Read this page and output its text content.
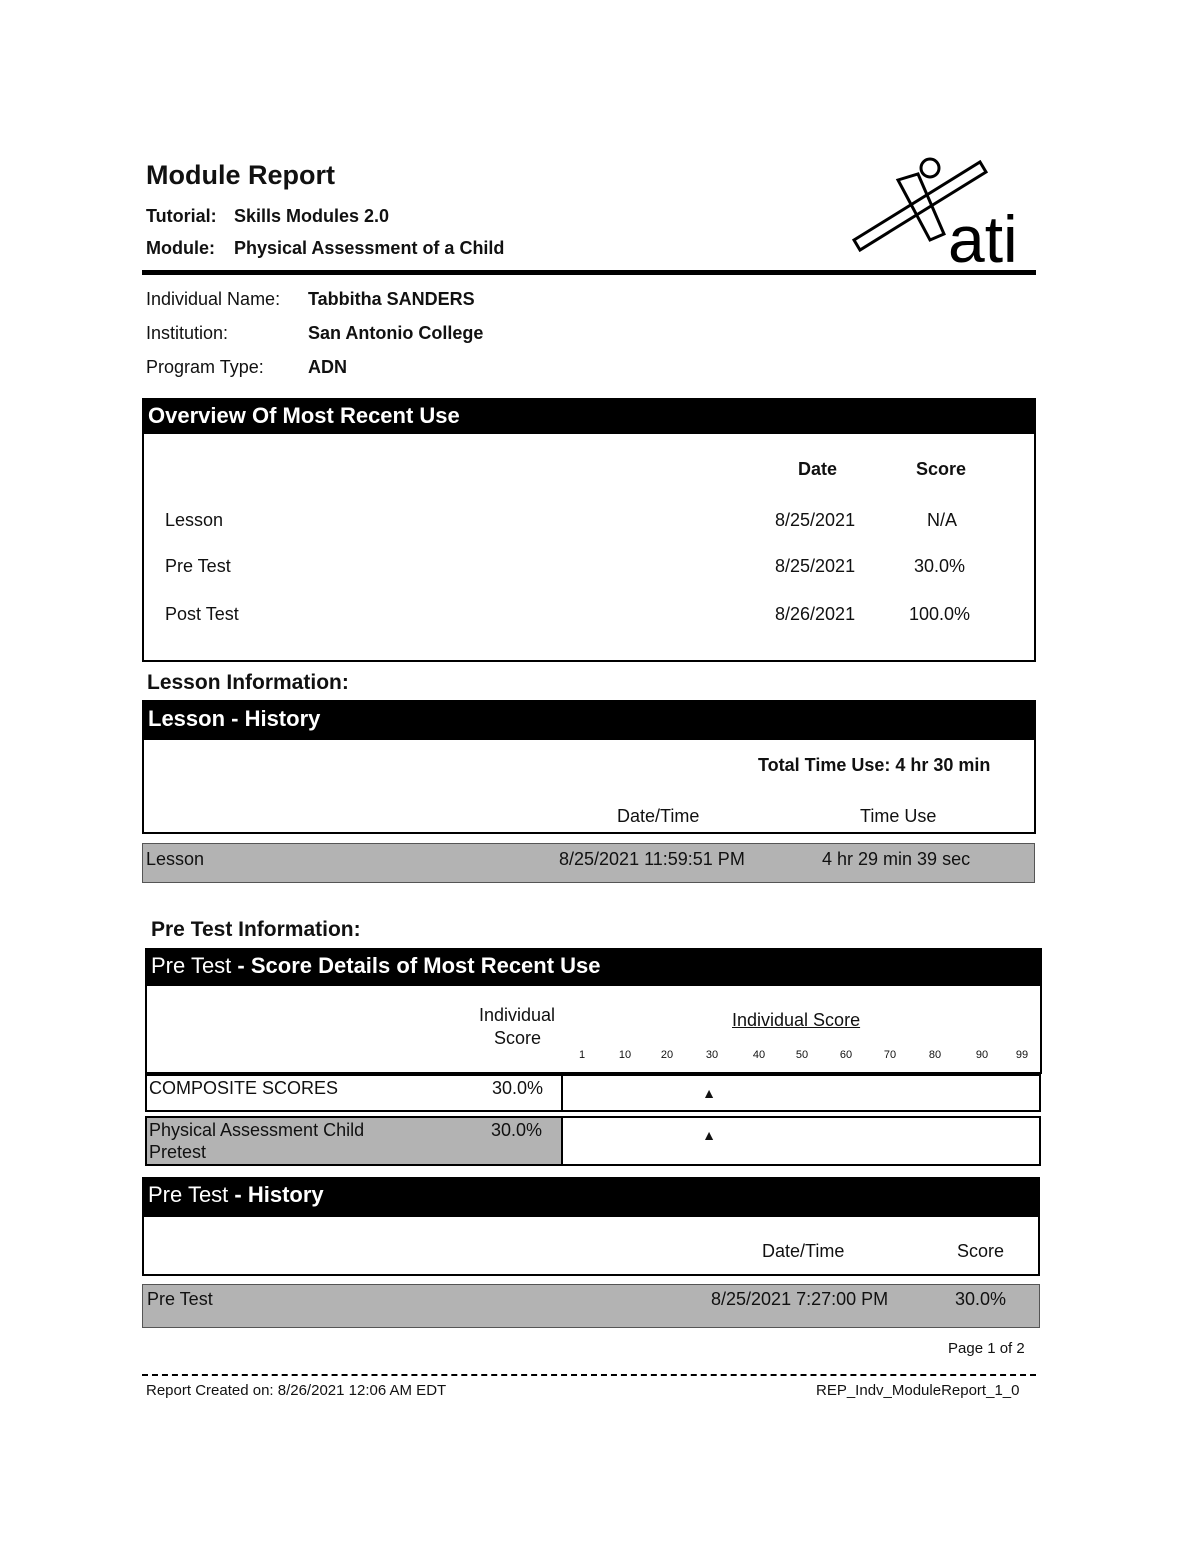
Module Report
Tutorial: Skills Modules 2.0
Module: Physical Assessment of a Child	ati
Individual Name: Tabbitha SANDERS
Institution:	San Antonio College
Program Type: ADN
Overview Of Most Recent Use
Date	Score
Lesson	8/25/2021	N/A
Pre Test	8/25/2021	30.0%
Post Test	8/26/2021	100.0%
Lesson Information:
Lesson - History
Total Time Use: 4 hr 30 min
Date/Time	Time Use
Lesson	8/25/2021 11:59:51 PM	4 hr 29 min 39 sec
Pre Test Information:
Pre Test - Score Details of Most Recent Use
Individual
Score
Individual Score
1	10	20	30	40	50	60	70	80	90	99
COMPOSITE SCORES	30.0%	▲
Physical Assessment Child
Pretest
30.0%	▲
Pre Test - History
Date/Time	Score
Pre Test	8/25/2021 7:27:00 PM	30.0%
Page 1 of 2
Report Created on: 8/26/2021 12:06 AM EDT	REP_Indv_ModuleReport_1_0
